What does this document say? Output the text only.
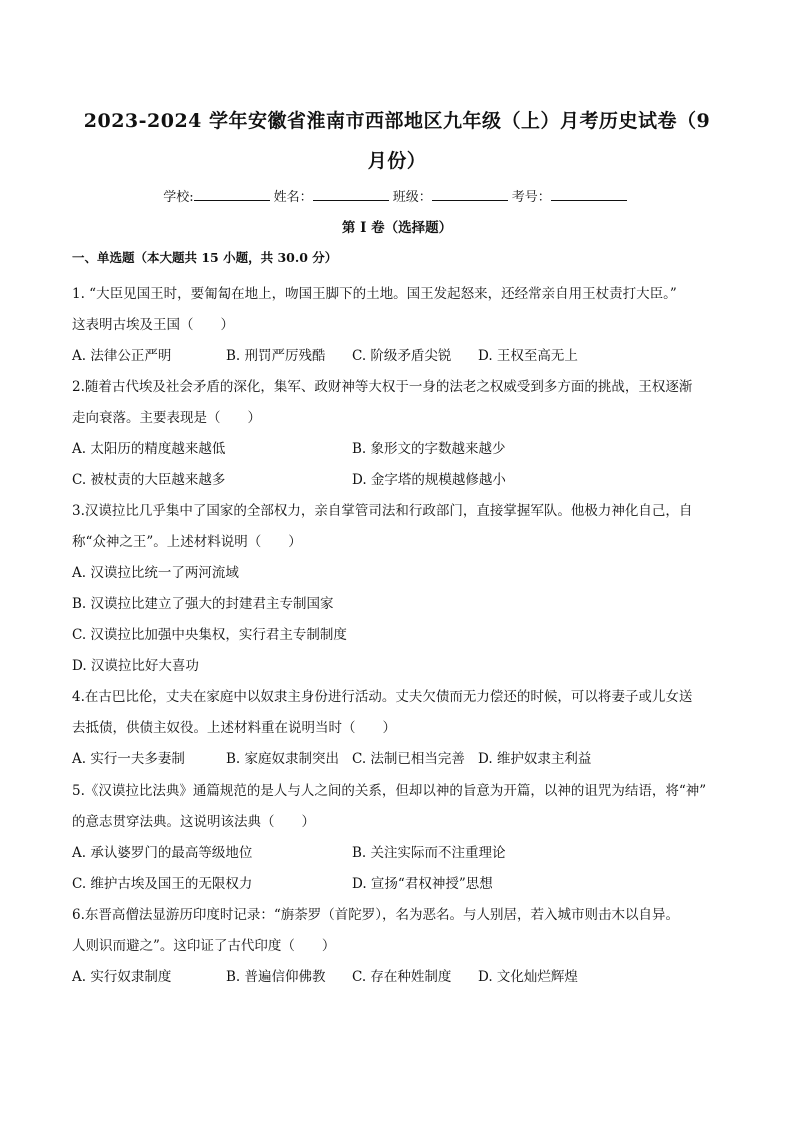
2023-2024 学年安徽省淮南市西部地区九年级（上）月考历史试卷（9
月份）
学校:	姓名：	班级：	考号：
第 I 卷（选择题）
一、单选题（本大题共 15 小题，共 30.0 分）
1. “大臣见国王时，要匍匐在地上，吻国王脚下的土地。国王发起怒来，还经常亲自用王杖责打大臣。”
这表明古埃及王国（　　）
A. 法律公正严明	B. 刑罚严厉残酷 C. 阶级矛盾尖锐 D. 王权至高无上
2.随着古代埃及社会矛盾的深化，集军、政财神等大权于一身的法老之权威受到多方面的挑战，王权逐渐
走向衰落。主要表现是（　　）
A. 太阳历的精度越来越低	B. 象形文的字数越来越少
C. 被杖责的大臣越来越多	D. 金字塔的规模越修越小
3.汉谟拉比几乎集中了国家的全部权力，亲自掌管司法和行政部门，直接掌握军队。他极力神化自己，自
称“众神之王”。上述材料说明（　　）
A. 汉谟拉比统一了两河流域
B. 汉谟拉比建立了强大的封建君主专制国家
C. 汉谟拉比加强中央集权，实行君主专制制度
D. 汉谟拉比好大喜功
4.在古巴比伦，丈夫在家庭中以奴隶主身份进行活动。丈夫欠债而无力偿还的时候，可以将妻子或儿女送
去抵债，供债主奴役。上述材料重在说明当时（　　）
A. 实行一夫多妻制	B. 家庭奴隶制突出 C. 法制已相当完善 D. 维护奴隶主利益
5.《汉谟拉比法典》通篇规范的是人与人之间的关系，但却以神的旨意为开篇，以神的诅咒为结语，将“神”
的意志贯穿法典。这说明该法典（　　）
A. 承认婆罗门的最高等级地位	B. 关注实际而不注重理论
C. 维护古埃及国王的无限权力	D. 宣扬“君权神授”思想
6.东晋高僧法显游历印度时记录：“旃荼罗（首陀罗），名为恶名。与人别居，若入城市则击木以自异。
人则识而避之”。这印证了古代印度（　　）
A. 实行奴隶制度	B. 普遍信仰佛教 C. 存在种姓制度 D. 文化灿烂辉煌
